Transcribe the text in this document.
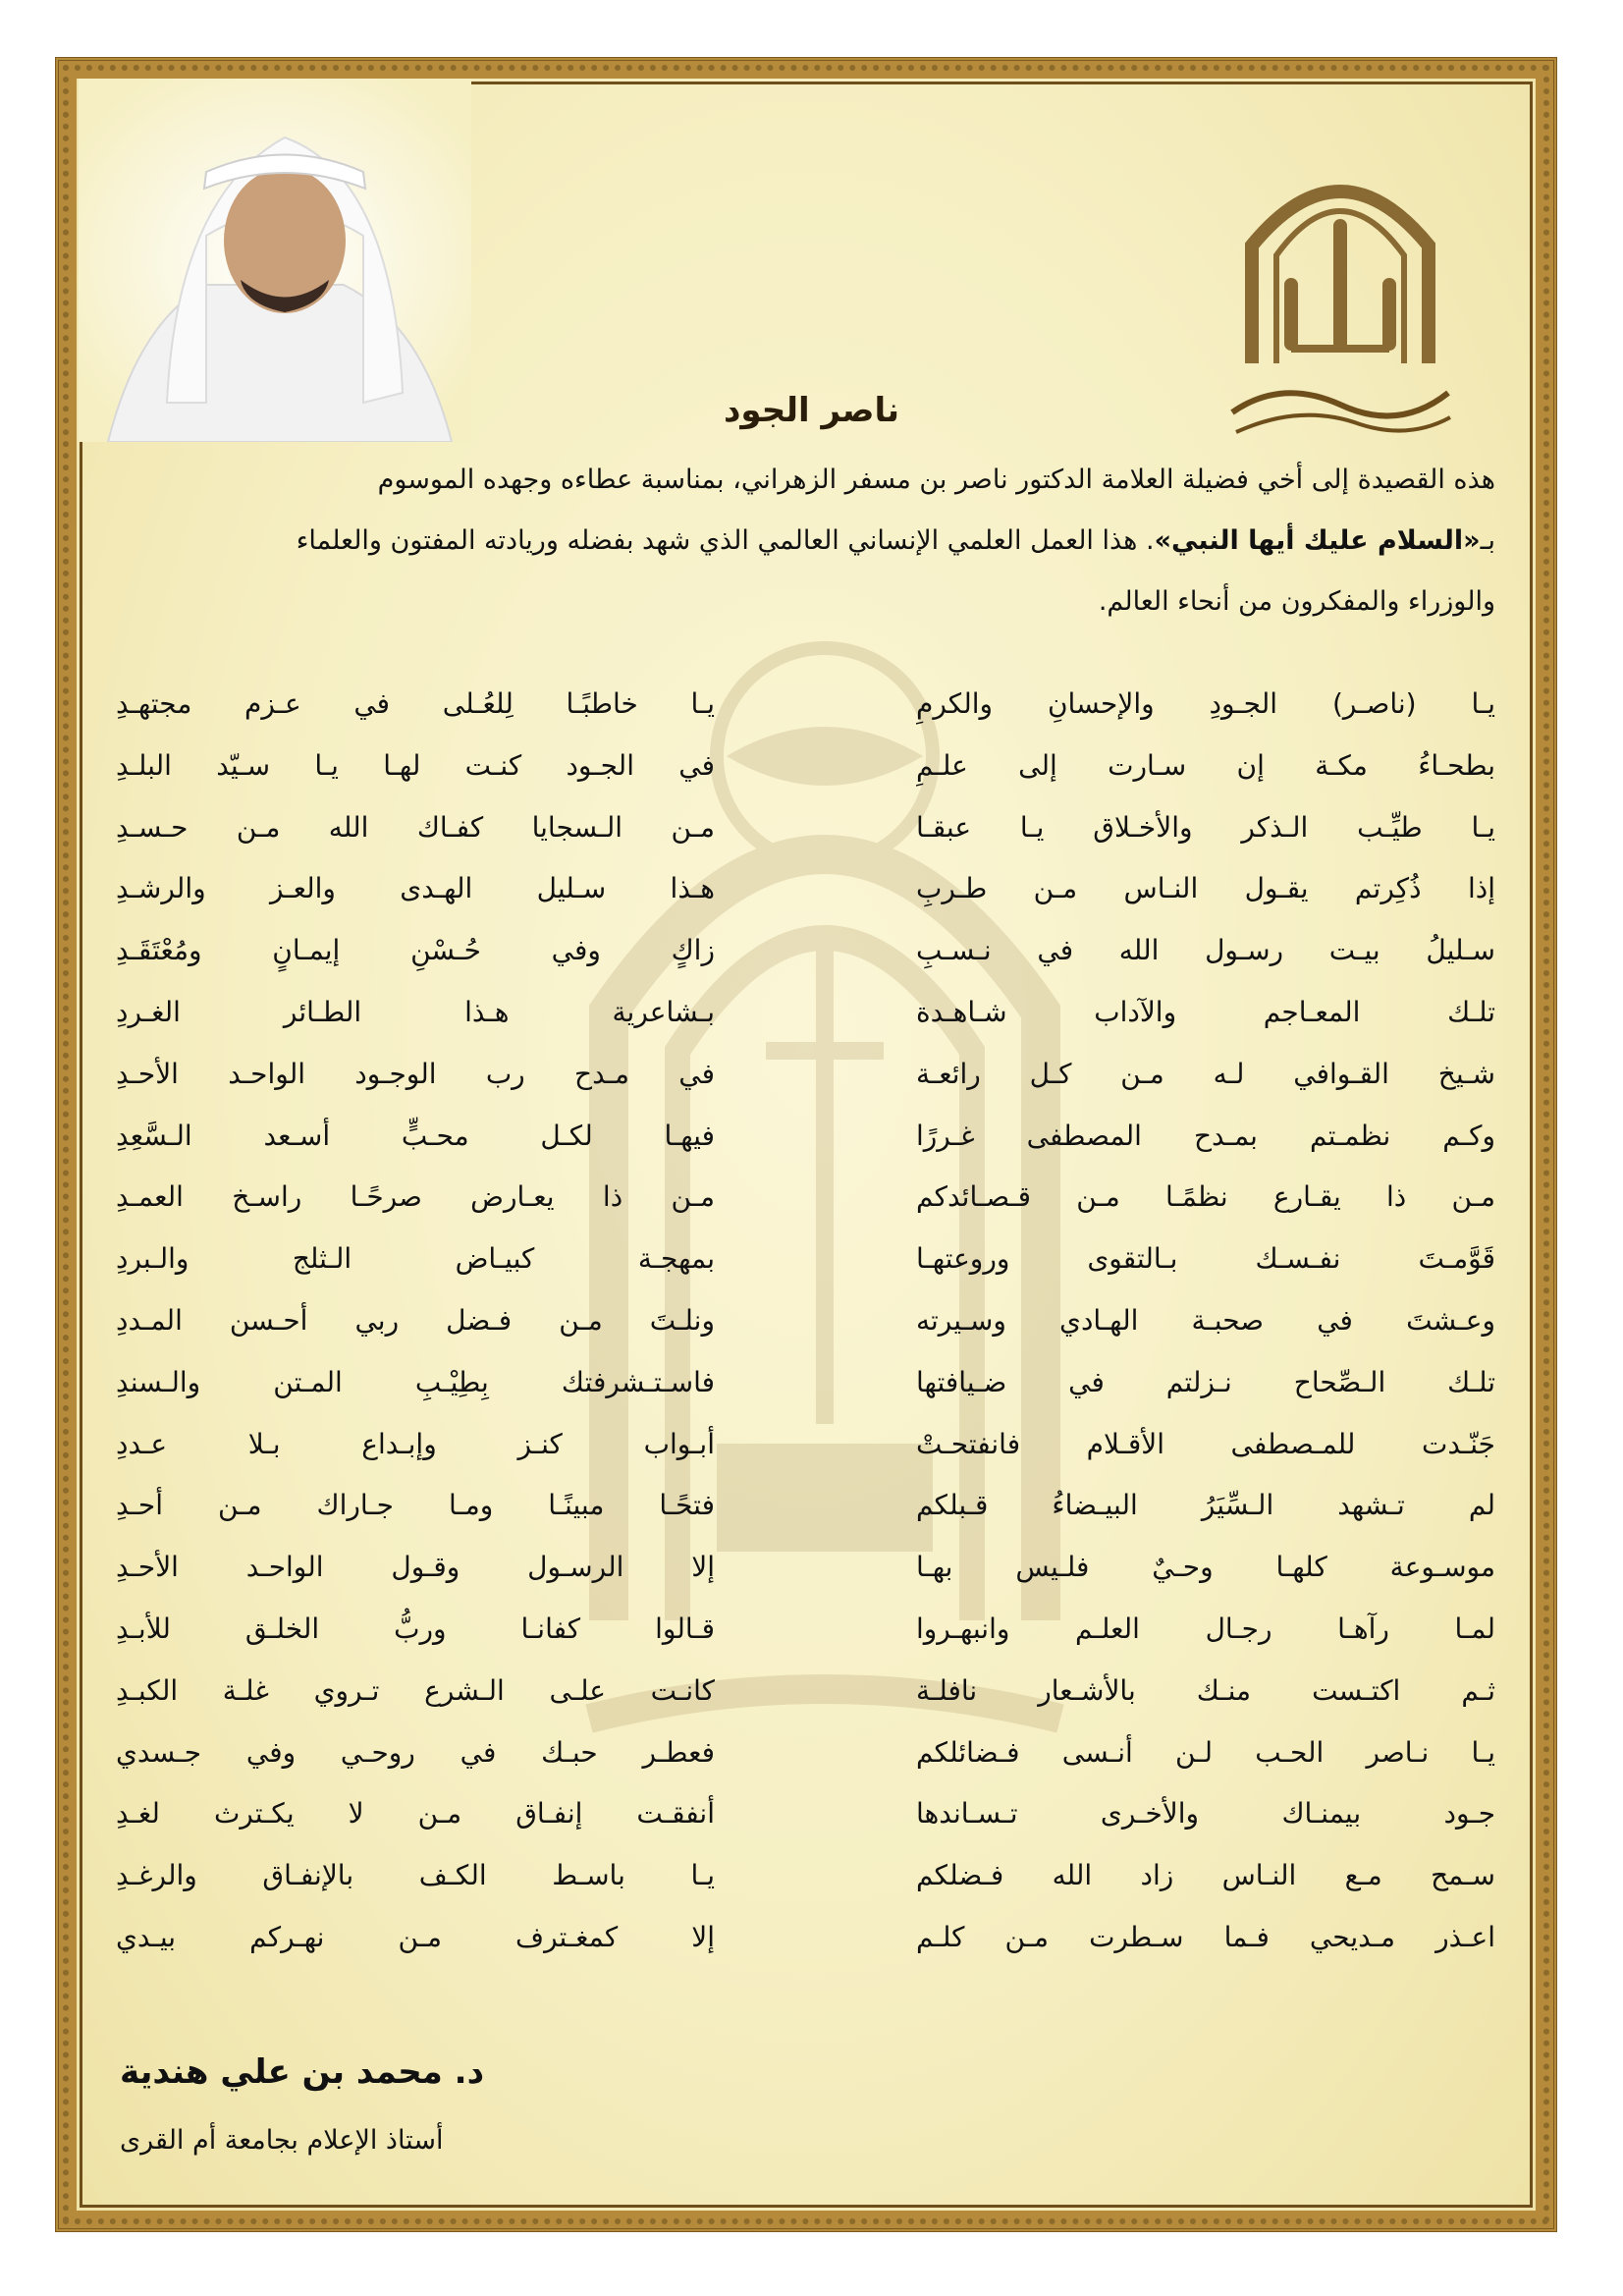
ناصر الجود
هذه القصيدة إلى أخي فضيلة العلامة الدكتور ناصر بن مسفر الزهراني، بمناسبة عطاءه وجهده الموسوم
بـ«السلام عليك أيها النبي». هذا العمل العلمي الإنساني العالمي الذي شهد بفضله وريادته المفتون والعلماء
والوزراء والمفكرون من أنحاء العالم.
يـا (ناصـر) الجـودِ والإحسانِ والكرمِ
بطحـاءُ مكـة إن سـارت إلى علـمِ
يـا طيِّـب الـذكر والأخـلاق يـا عبقـا
إذا ذُكِرتم يقـول النـاس مـن طـربِ
سـليلُ بيـت رسـول الله في نـسـبِ
تلـك المعـاجم والآداب شـاهـدة
شـيخ القـوافي لـه مـن كـل رائعـة
وكـم نظمـتم بمـدح المصطفى غـررًا
مـن ذا يقـارع نظمًـا مـن قـصـائدكم
قَوَّمـتَ نفـسـك بـالتقوى وروعتهـا
وعـشتَ في صحبـة الهـادي وسـيرته
تلـك الـصِّحاح نـزلتم في ضـيافتها
جَنّـدت للمـصطفى الأقـلام فانفتحـتْ
لم تـشهد الـسِّيَرُ البيـضاءُ قـبلكم
موسـوعة كلهـا وحـيٌ فلـيس بهـا
لمـا رآهـا رجـال العلـم وانبهـروا
ثـم اكتـست منـك بالأشـعار نافلـة
يـا نـاصر الحـب لـن أنـسى فـضائلكم
جـود بيمنـاك والأخـرى تـسـاندها
سـمح مـع النـاس زاد الله فـضلكم
اعـذر مـديحي فـما سـطرت مـن كلـم
يـا خاطبًـا لِلعُـلى في عـزم مجتهـدِ
في الجـود كنـت لهـا يـا سـيّد البلـدِ
مـن الـسجايا كفـاك الله مـن حـسـدِ
هـذا سـليل الهـدى والعـز والرشـدِ
زاكٍ وفي حُـسْنِ إيمـانٍ ومُعْتَقَـدِ
بـشاعرية هـذا الطـائر الغـردِ
في مـدح رب الوجـود الواحـد الأحـدِ
فيهـا لكـل محـبٍّ أسـعد الـسَّعِدِ
مـن ذا يعـارض صرحًـا راسـخ العمـدِ
بمهجـة كبيـاض الـثلج والـبردِ
ونلـتَ مـن فـضل ربي أحـسن المـددِ
فاسـتـشرفتك بِطِيْـبِ المـتن والـسندِ
أبـواب كنـز وإبـداع بـلا عـددِ
فتحًـا مبينًـا ومـا جـاراك مـن أحـدِ
إلا الرسـول وقـول الواحـد الأحـدِ
قـالوا كفانـا وربُّ الخلـق للأبـدِ
كانـت علـى الـشرع تـروي غلـة الكبـدِ
فعطـر حبـك في روحـي وفي جـسدي
أنفقـت إنفـاق مـن لا يكـترث لغـدِ
يـا باسـط الكـف بالإنفـاق والرغـدِ
إلا كمغـترف مـن نهـركم بيـدي
د. محمد بن علي هندية
أستاذ الإعلام بجامعة أم القرى
